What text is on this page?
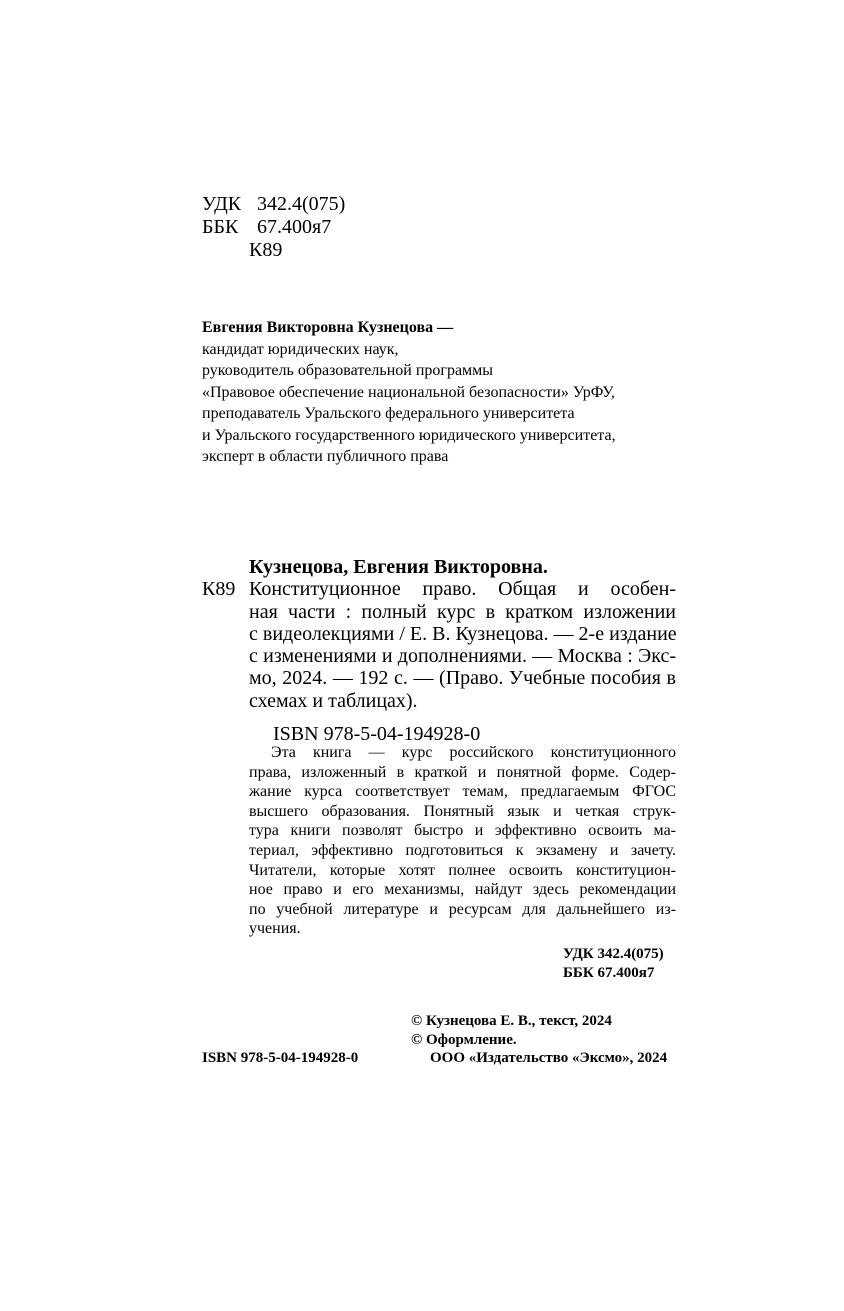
УДК 342.4(075)
ББК 67.400я7
К89
Евгения Викторовна Кузнецова —
кандидат юридических наук,
руководитель образовательной программы
«Правовое обеспечение национальной безопасности» УрФУ,
преподаватель Уральского федерального университета
и Уральского государственного юридического университета,
эксперт в области публичного права
Кузнецова, Евгения Викторовна.
К89 Конституционное право. Общая и особен-
ная части : полный курс в кратком изложении
с видеолекциями / Е. В. Кузнецова. — 2-е издание
с изменениями и дополнениями. — Москва : Экс-
мо, 2024. — 192 с. — (Право. Учебные пособия в
схемах и таблицах).
ISBN 978-5-04-194928-0
Эта книга — курс российского конституционного
права, изложенный в краткой и понятной форме. Содер-
жание курса соответствует темам, предлагаемым ФГОС
высшего образования. Понятный язык и четкая струк-
тура книги позволят быстро и эффективно освоить ма-
териал, эффективно подготовиться к экзамену и зачету.
Читатели, которые хотят полнее освоить конституцион-
ное право и его механизмы, найдут здесь рекомендации
по учебной литературе и ресурсам для дальнейшего из-
учения.
УДК 342.4(075)
ББК 67.400я7
© Кузнецова Е. В., текст, 2024
© Оформление.
ООО «Издательство «Эксмо», 2024
ISBN 978-5-04-194928-0
